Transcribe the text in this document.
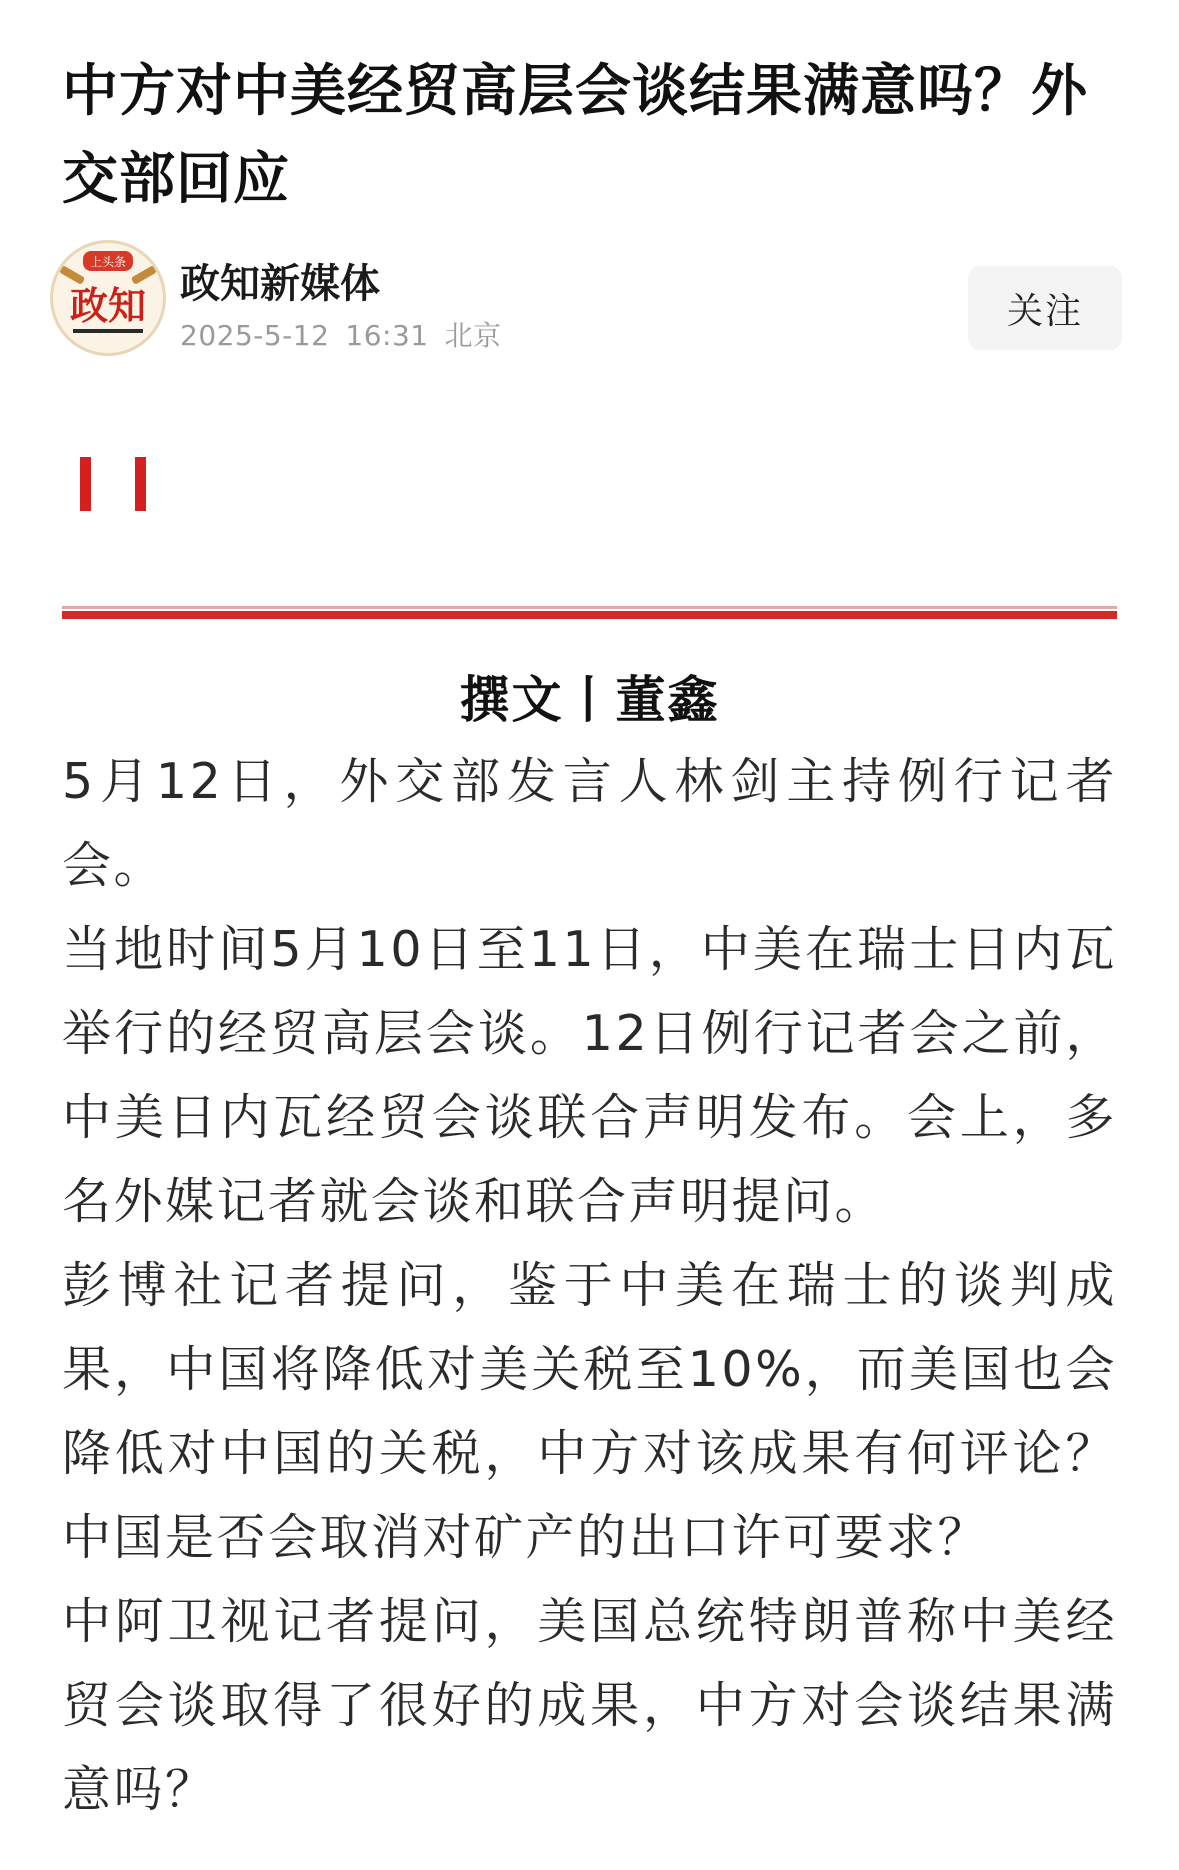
中方对中美经贸高层会谈结果满意吗？外交部回应
上头条
政知 政知新媒体
2025-5-12 16:31 北京
关注
撰文丨董鑫

5月12日，外交部发言人林剑主持例行记者会。

当地时间5月10日至11日，中美在瑞士日内瓦举行的经贸高层会谈。12日例行记者会之前，中美日内瓦经贸会谈联合声明发布。会上，多名外媒记者就会谈和联合声明提问。

彭博社记者提问，鉴于中美在瑞士的谈判成果，中国将降低对美关税至10%，而美国也会降低对中国的关税，中方对该成果有何评论？中国是否会取消对矿产的出口许可要求？

中阿卫视记者提问，美国总统特朗普称中美经贸会谈取得了很好的成果，中方对会谈结果满意吗？
